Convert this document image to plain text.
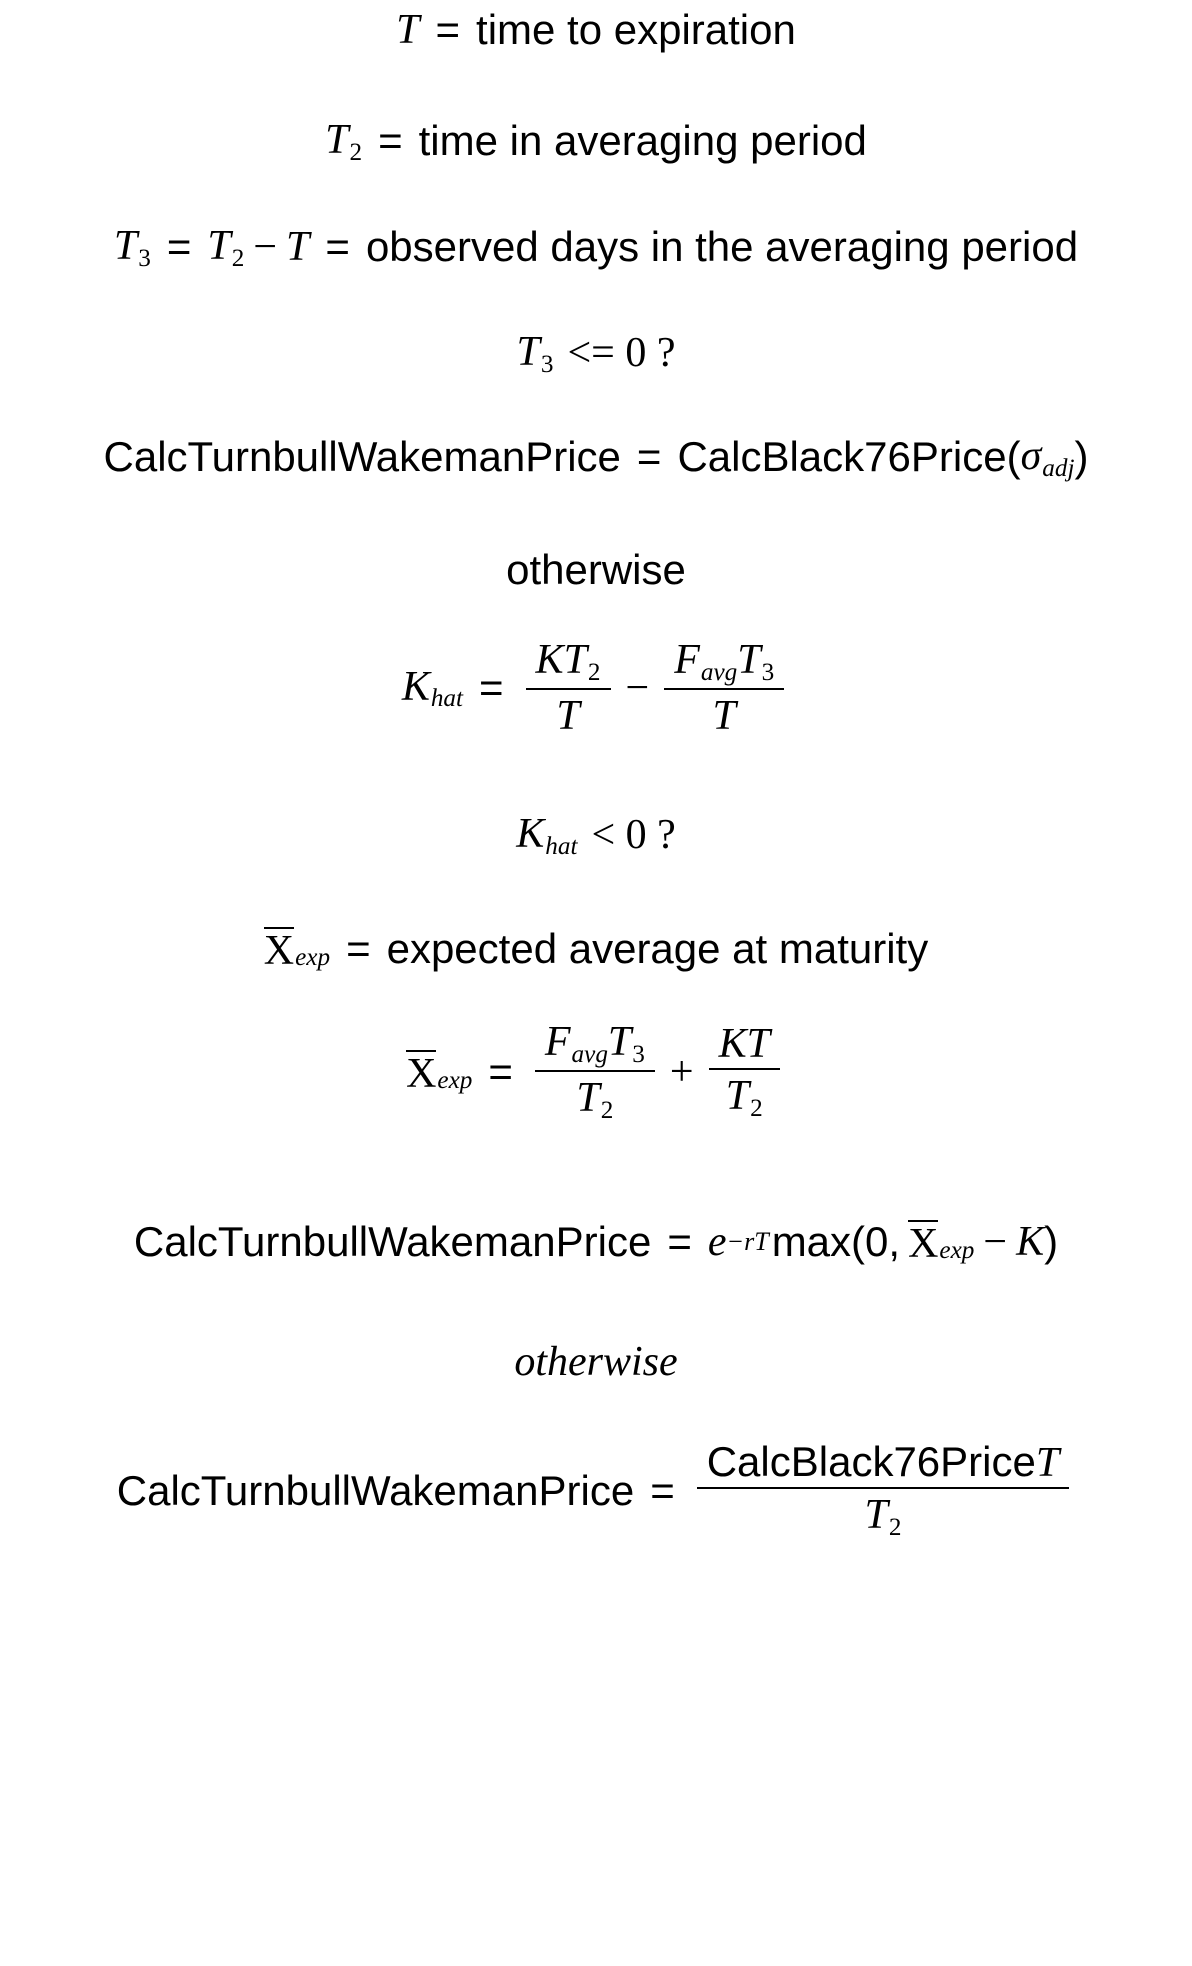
T = time to expiration
$T_2$ = time in averaging period
$T_3 = T_2 - T$ = observed days in the averaging period
$T_3 <= 0$ ?
CalcTurnbullWakemanPrice = CalcBlack76Price ( $\sigma_{adj}$ )
otherwise
$K_{hat} = \frac{KT_2}{T} - \frac{F_{avg}T_3}{T}$
$K_{hat} < 0$ ?
$X_{exp}$ = expected average at maturity
$X_{exp} = \frac{F_{avg}T_3}{T_2} + \frac{KT}{T_2}$
CalcTurnbullWakemanPrice = e −rT max ( 0 , $X_{exp} - K$ )
otherwise
CalcTurnbullWakemanPrice = $\frac{\text{CalcBlack76PriceT}}{T_2}$
